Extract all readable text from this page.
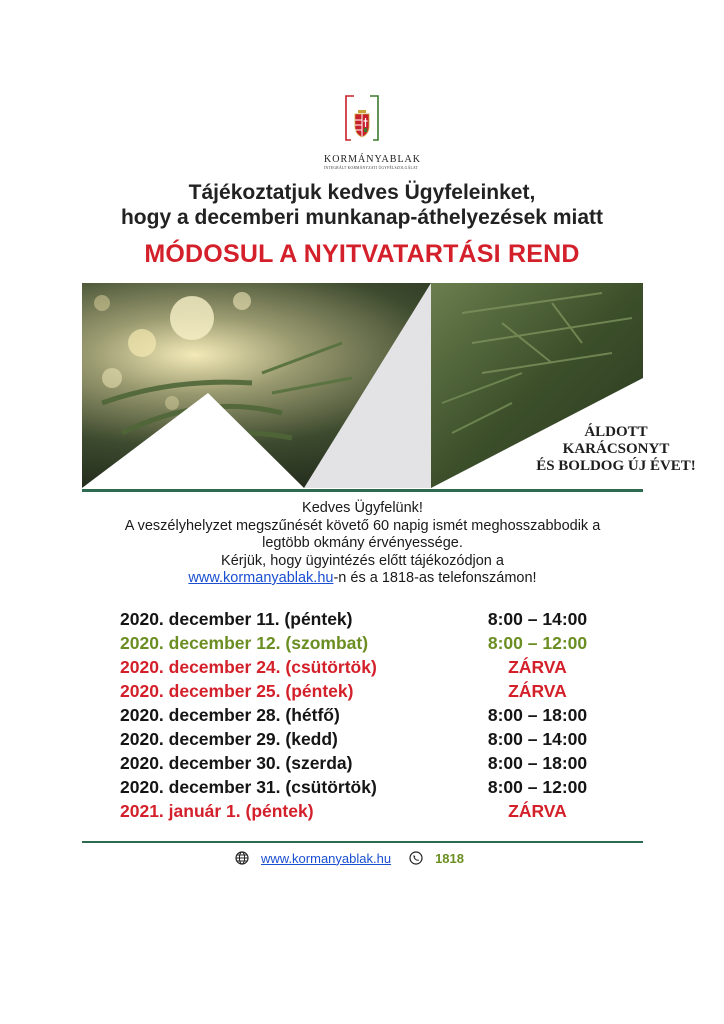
KORMÁNYABLAK
INTEGRÁLT KORMÁNYZATI ÜGYFÉLSZOLGÁLAT
Tájékoztatjuk kedves Ügyfeleinket,
hogy a decemberi munkanap-áthelyezések miatt
MÓDOSUL A NYITVATARTÁSI REND
ÁLDOTT
KARÁCSONYT
ÉS BOLDOG ÚJ ÉVET!
Kedves Ügyfelünk!
A veszélyhelyzet megszűnését követő 60 napig ismét meghosszabbodik a
legtöbb okmány érvényessége.
Kérjük, hogy ügyintézés előtt tájékozódjon a
www.kormanyablak.hu-n és a 1818-as telefonszámon!
2020. december 11. (péntek)	8:00 – 14:00
2020. december 12. (szombat)	8:00 – 12:00
2020. december 24. (csütörtök)	ZÁRVA
2020. december 25. (péntek)	ZÁRVA
2020. december 28. (hétfő)	8:00 – 18:00
2020. december 29. (kedd)	8:00 – 14:00
2020. december 30. (szerda)	8:00 – 18:00
2020. december 31. (csütörtök)	8:00 – 12:00
2021. január 1. (péntek)	ZÁRVA
www.kormanyablak.hu	1818
